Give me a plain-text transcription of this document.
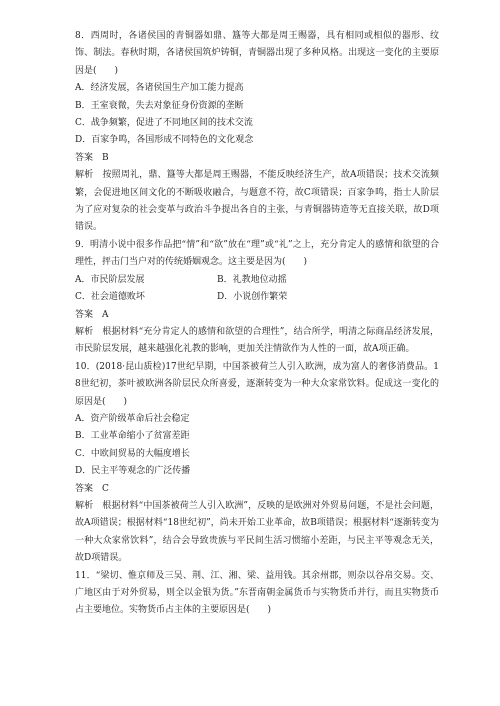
8．西周时，各诸侯国的青铜器如鼎、簋等大都是周王赐器，具有相同或相似的器形、纹饰、制法。春秋时期，各诸侯国筑炉铸铜，青铜器出现了多种风格。出现这一变化的主要原因是(　　)

A．经济发展，各诸侯国生产加工能力提高

B．王室衰微，失去对象征身份资源的垄断

C．战争频繁，促进了不同地区间的技术交流

D．百家争鸣，各国形成不同特色的文化观念

答案　B

解析　按照周礼，鼎、簋等大都是周王赐器，不能反映经济生产，故A项错误；技术交流频繁，会促进地区间文化的不断吸收融合，与题意不符，故C项错误；百家争鸣，指士人阶层为了应对复杂的社会变革与政治斗争提出各自的主张，与青铜器铸造等无直接关联，故D项错误。

9．明清小说中很多作品把“情”和“欲”放在“理”或“礼”之上，充分肯定人的感情和欲望的合理性，抨击门当户对的传统婚姻观念。这主要是因为(　　)

A．市民阶层发展	B．礼教地位动摇
C．社会道德败坏	D．小说创作繁荣

答案　A

解析　根据材料“充分肯定人的感情和欲望的合理性”，结合所学，明清之际商品经济发展，市民阶层发展，越来越强化礼教的影响，更加关注情欲作为人性的一面，故A项正确。

10．(2018·昆山质检)17世纪早期，中国茶被荷兰人引入欧洲，成为富人的奢侈消费品。18世纪初，茶叶被欧洲各阶层民众所喜爱，逐渐转变为一种大众家常饮料。促成这一变化的原因是(　　)

A．资产阶级革命后社会稳定

B．工业革命缩小了贫富差距

C．中欧间贸易的大幅度增长

D．民主平等观念的广泛传播

答案　C

解析　根据材料“中国茶被荷兰人引入欧洲”，反映的是欧洲对外贸易问题，不是社会问题，故A项错误；根据材料“18世纪初”，尚未开始工业革命，故B项错误；根据材料“逐渐转变为一种大众家常饮料”，结合会导致贵族与平民间生活习惯缩小差距，与民主平等观念无关，故D项错误。

11．“梁切、惟京师及三吴、荆、江、湘、梁、益用钱。其余州郡，则杂以谷帛交易。交、广地区由于对外贸易，则全以金银为货。”东晋南朝金属货币与实物货币并行，而且实物货币占主要地位。实物货币占主体的主要原因是(　　)
